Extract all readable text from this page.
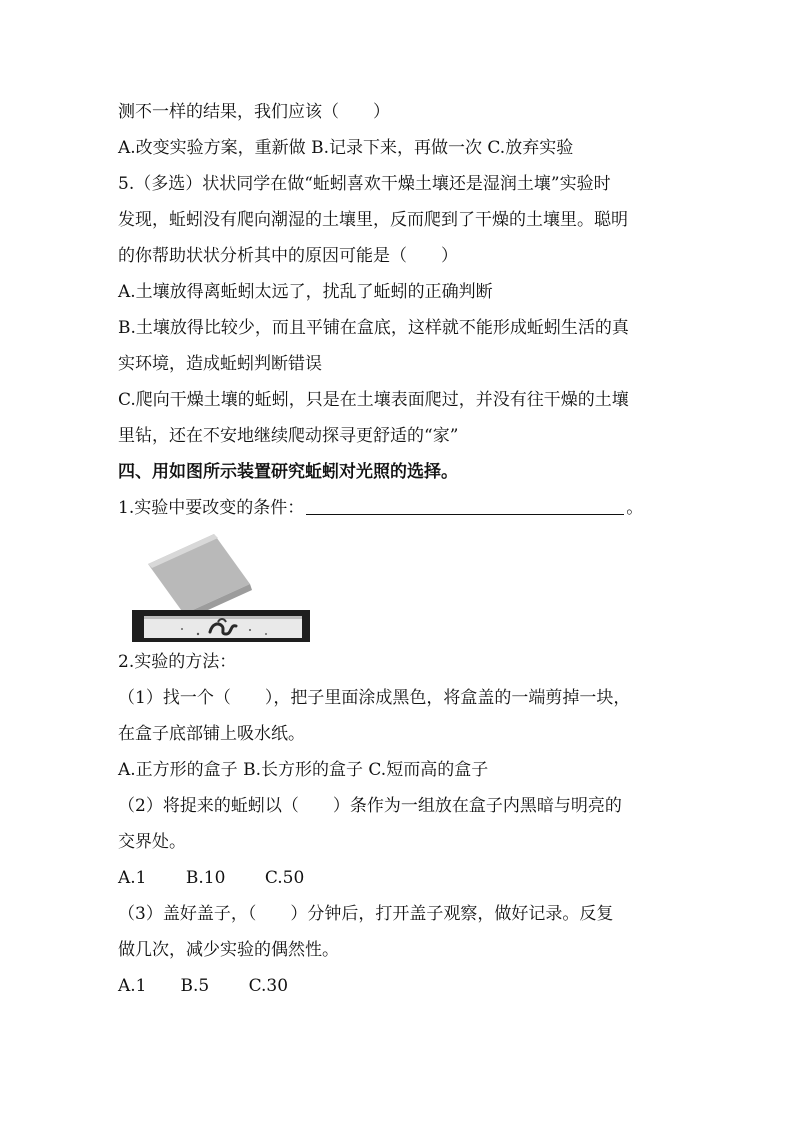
测不一样的结果，我们应该（　　）
A.改变实验方案，重新做 B.记录下来，再做一次 C.放弃实验
5.（多选）状状同学在做“蚯蚓喜欢干燥土壤还是湿润土壤”实验时
发现，蚯蚓没有爬向潮湿的土壤里，反而爬到了干燥的土壤里。聪明
的你帮助状状分析其中的原因可能是（　　）
A.土壤放得离蚯蚓太远了，扰乱了蚯蚓的正确判断
B.土壤放得比较少，而且平铺在盒底，这样就不能形成蚯蚓生活的真
实环境，造成蚯蚓判断错误
C.爬向干燥土壤的蚯蚓，只是在土壤表面爬过，并没有往干燥的土壤
里钻，还在不安地继续爬动探寻更舒适的“家”
四、用如图所示装置研究蚯蚓对光照的选择。
1.实验中要改变的条件：	。
2.实验的方法：
（1）找一个（　　），把子里面涂成黑色，将盒盖的一端剪掉一块，
在盒子底部铺上吸水纸。
A.正方形的盒子 B.长方形的盒子 C.短而高的盒子
（2）将捉来的蚯蚓以（　　）条作为一组放在盒子内黑暗与明亮的
交界处。
A.1　　 B.10　　 C.50
（3）盖好盖子，（　　）分钟后，打开盖子观察，做好记录。反复
做几次，减少实验的偶然性。
A.1　　B.5　　 C.30
